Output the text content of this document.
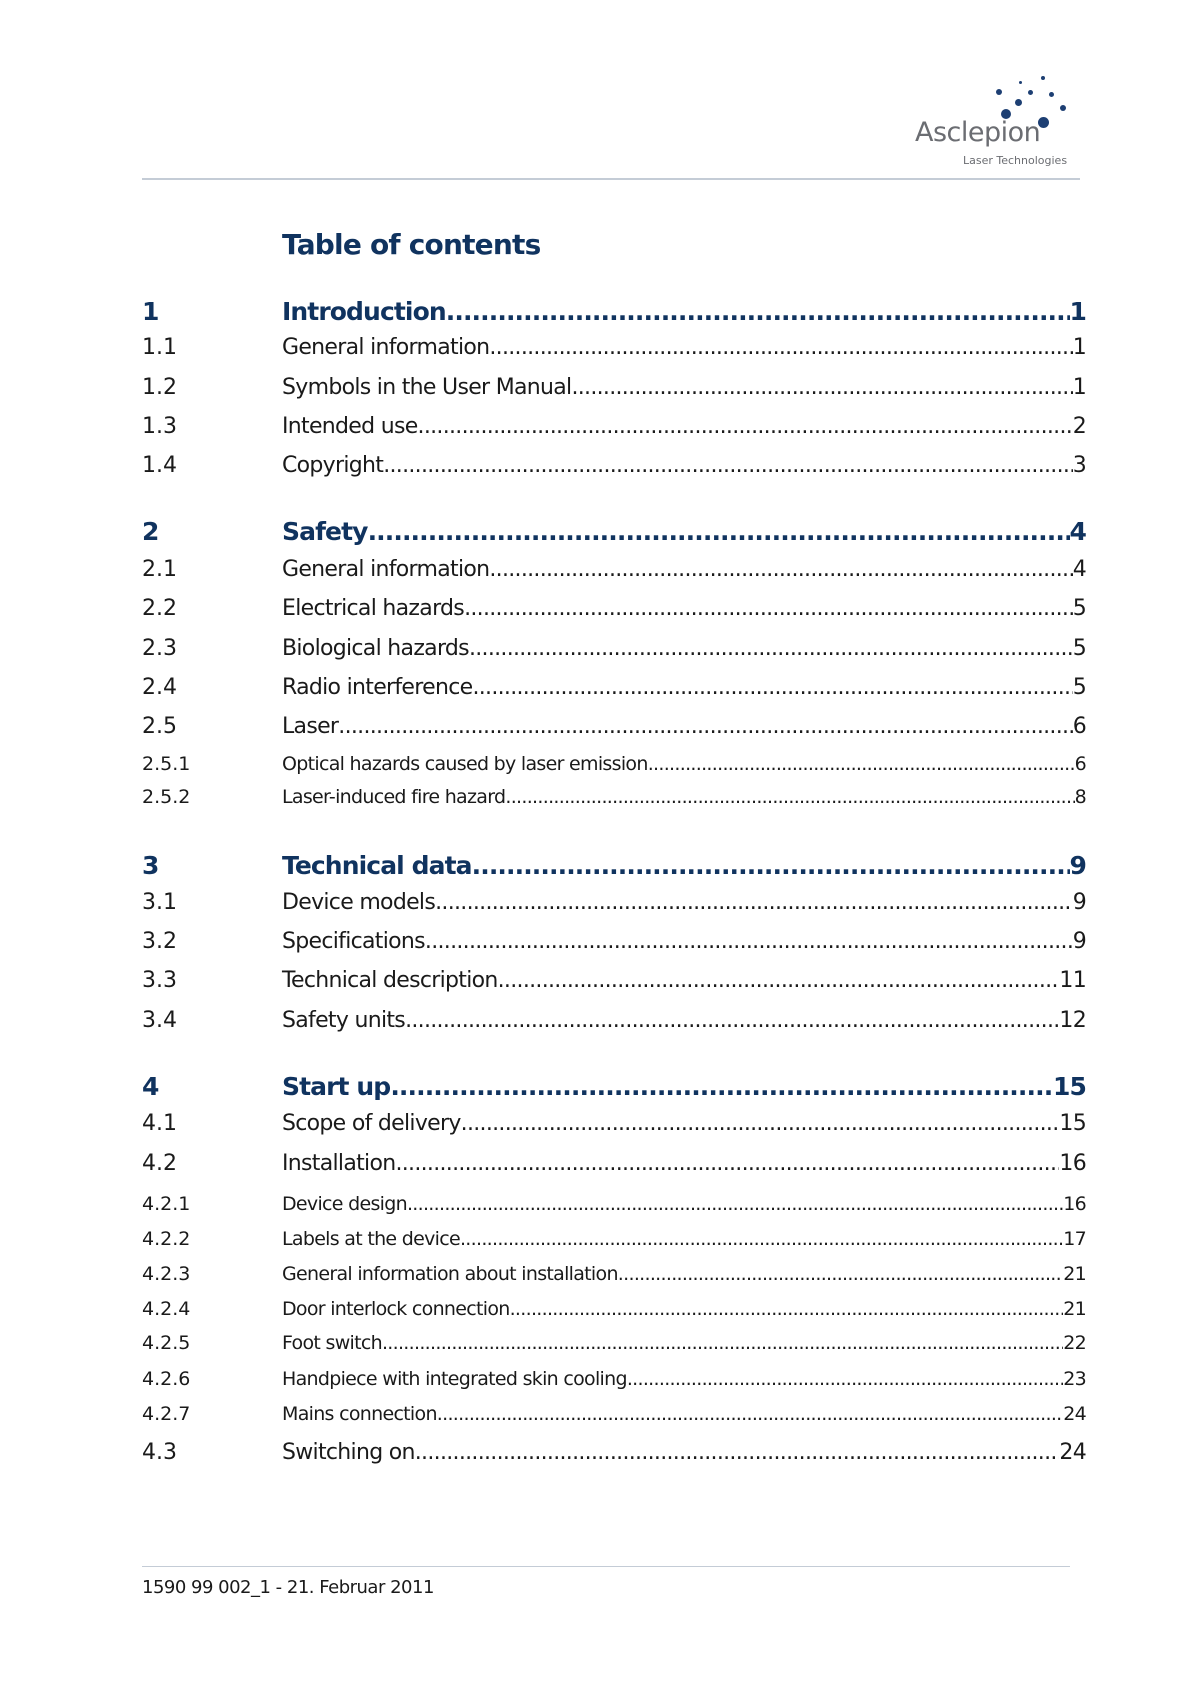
Asclepion
Laser Technologies
Table of contents
1	Introduction .....	1
1.1	General information .....	1
1.2	Symbols in the User Manual .....	1
1.3	Intended use .....	2
1.4	Copyright .....	3
2	Safety .....	4
2.1	General information .....	4
2.2	Electrical hazards .....	5
2.3	Biological hazards .....	5
2.4	Radio interference .....	5
2.5	Laser .....	6
2.5.1	Optical hazards caused by laser emission .....	6
2.5.2	Laser-induced fire hazard .....	8
3	Technical data .....	9
3.1	Device models .....	9
3.2	Specifications .....	9
3.3	Technical description .....	11
3.4	Safety units .....	12
4	Start up .....	15
4.1	Scope of delivery .....	15
4.2	Installation .....	16
4.2.1	Device design .....	16
4.2.2	Labels at the device .....	17
4.2.3	General information about installation .....	21
4.2.4	Door interlock connection .....	21
4.2.5	Foot switch .....	22
4.2.6	Handpiece with integrated skin cooling .....	23
4.2.7	Mains connection .....	24
4.3	Switching on .....	24
1590 99 002_1 - 21. Februar 2011
